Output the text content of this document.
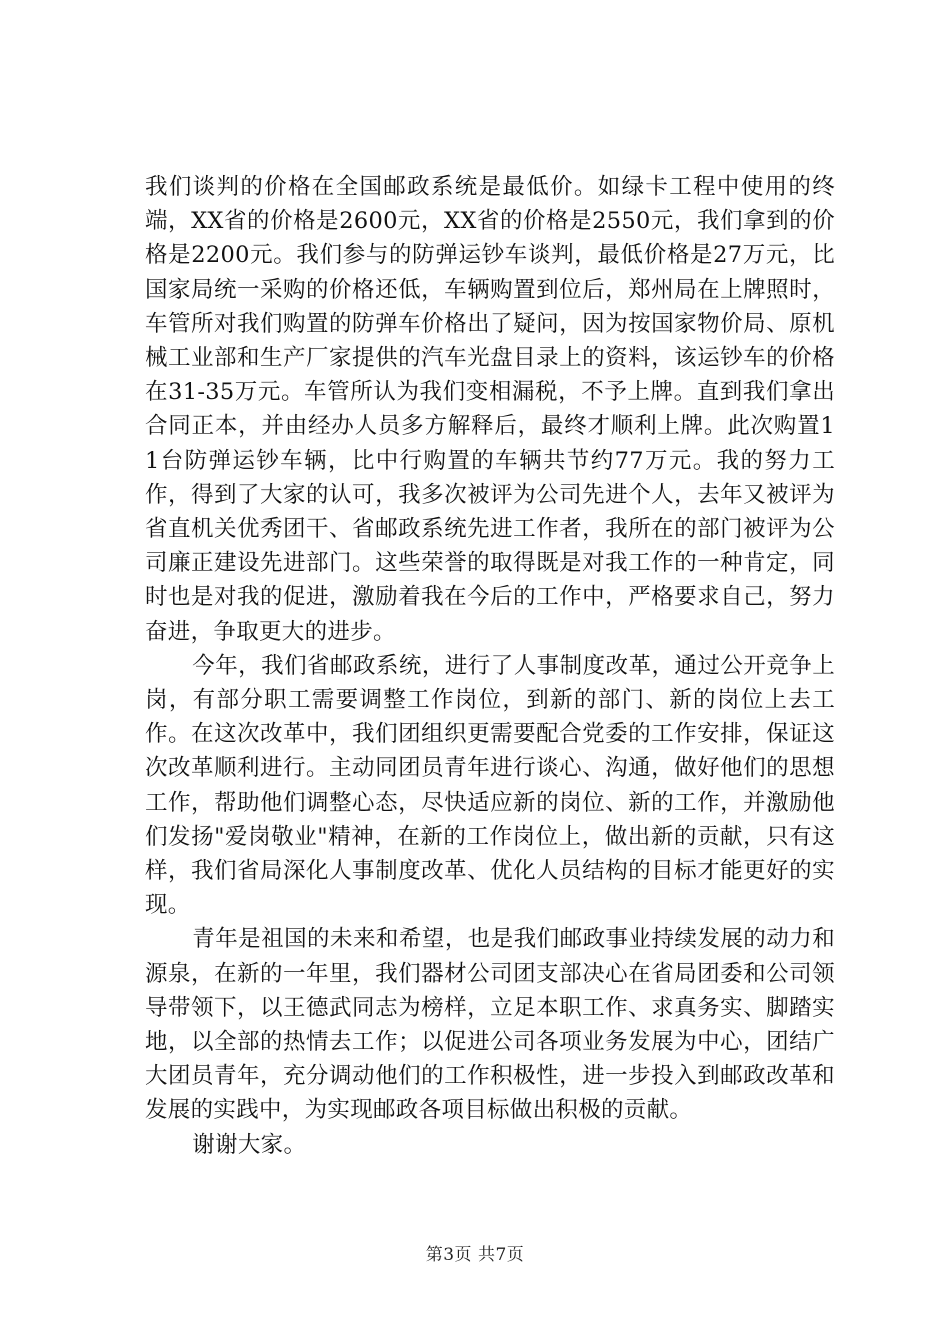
我们谈判的价格在全国邮政系统是最低价。如绿卡工程中使用的终端，XX省的价格是2600元，XX省的价格是2550元，我们拿到的价格是2200元。我们参与的防弹运钞车谈判，最低价格是27万元，比国家局统一采购的价格还低，车辆购置到位后，郑州局在上牌照时，车管所对我们购置的防弹车价格出了疑问，因为按国家物价局、原机械工业部和生产厂家提供的汽车光盘目录上的资料，该运钞车的价格在31-35万元。车管所认为我们变相漏税，不予上牌。直到我们拿出合同正本，并由经办人员多方解释后，最终才顺利上牌。此次购置11台防弹运钞车辆，比中行购置的车辆共节约77万元。我的努力工作，得到了大家的认可，我多次被评为公司先进个人，去年又被评为省直机关优秀团干、省邮政系统先进工作者，我所在的部门被评为公司廉正建设先进部门。这些荣誉的取得既是对我工作的一种肯定，同时也是对我的促进，激励着我在今后的工作中，严格要求自己，努力奋进，争取更大的进步。

今年，我们省邮政系统，进行了人事制度改革，通过公开竞争上岗，有部分职工需要调整工作岗位，到新的部门、新的岗位上去工作。在这次改革中，我们团组织更需要配合党委的工作安排，保证这次改革顺利进行。主动同团员青年进行谈心、沟通，做好他们的思想工作，帮助他们调整心态，尽快适应新的岗位、新的工作，并激励他们发扬"爱岗敬业"精神，在新的工作岗位上，做出新的贡献，只有这样，我们省局深化人事制度改革、优化人员结构的目标才能更好的实现。

青年是祖国的未来和希望，也是我们邮政事业持续发展的动力和源泉，在新的一年里，我们器材公司团支部决心在省局团委和公司领导带领下，以王德武同志为榜样，立足本职工作、求真务实、脚踏实地，以全部的热情去工作；以促进公司各项业务发展为中心，团结广大团员青年，充分调动他们的工作积极性，进一步投入到邮政改革和发展的实践中，为实现邮政各项目标做出积极的贡献。

谢谢大家。

第3页 共7页
